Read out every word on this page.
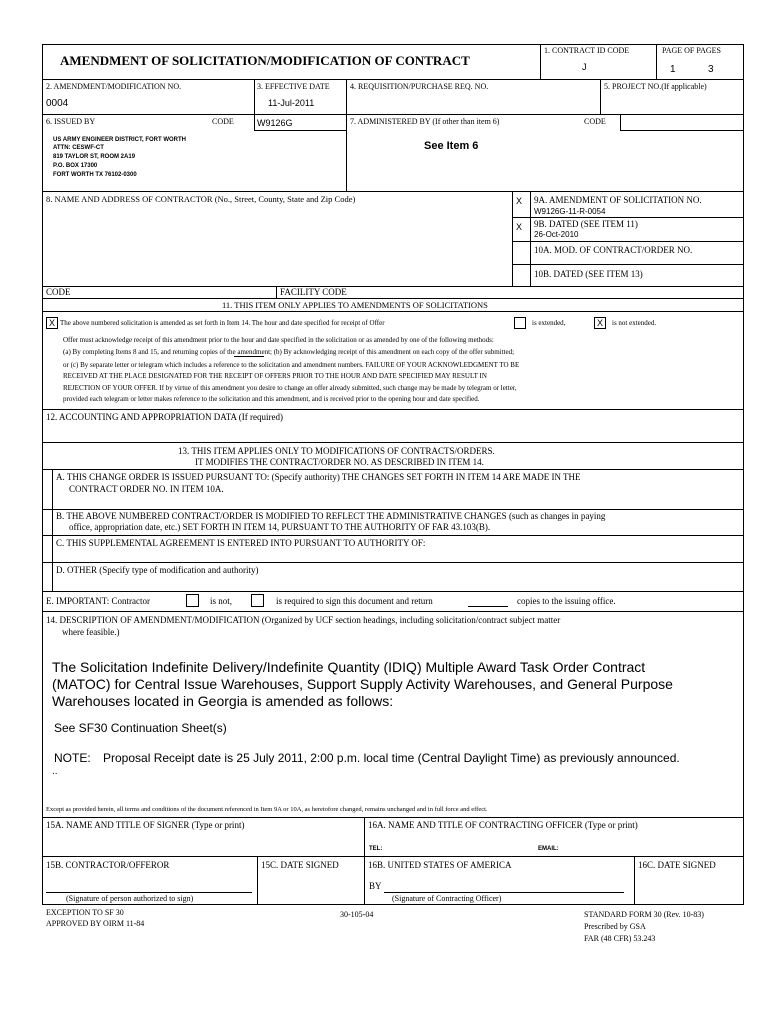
AMENDMENT OF SOLICITATION/MODIFICATION OF CONTRACT
1. CONTRACT ID CODE
J
PAGE OF PAGES
1	3
2. AMENDMENT/MODIFICATION NO.
0004
3. EFFECTIVE DATE
11-Jul-2011
4. REQUISITION/PURCHASE REQ. NO.	5. PROJECT NO.(If applicable)
6. ISSUED BY	CODE	W9126G
US ARMY ENGINEER DISTRICT, FORT WORTH
ATTN: CESWF-CT
819 TAYLOR ST, ROOM 2A19
P.O. BOX 17300
FORT WORTH TX 76102-0300
7. ADMINISTERED BY (If other than item 6)	CODE
See Item 6
8. NAME AND ADDRESS OF CONTRACTOR (No., Street, County, State and Zip Code)	X 9A. AMENDMENT OF SOLICITATION NO.
W9126G-11-R-0054
X 9B. DATED (SEE ITEM 11)
26-Oct-2010
10A. MOD. OF CONTRACT/ORDER NO.
10B. DATED (SEE ITEM 13)
CODE	FACILITY CODE
11. THIS ITEM ONLY APPLIES TO AMENDMENTS OF SOLICITATIONS
X The above numbered solicitation is amended as set forth in Item 14. The hour and date specified for receipt of Offer	is extended,	X	is not extended.
Offer must acknowledge receipt of this amendment prior to the hour and date specified in the solicitation or as amended by one of the following methods:
(a) By completing Items 8 and 15, and returning copies of the amendment; (b) By acknowledging receipt of this amendment on each copy of the offer submitted;
or (c) By separate letter or telegram which includes a reference to the solicitation and amendment numbers. FAILURE OF YOUR ACKNOWLEDGMENT TO BE
RECEIVED AT THE PLACE DESIGNATED FOR THE RECEIPT OF OFFERS PRIOR TO THE HOUR AND DATE SPECIFIED MAY RESULT IN
REJECTION OF YOUR OFFER. If by virtue of this amendment you desire to change an offer already submitted, such change may be made by telegram or letter,
provided each telegram or letter makes reference to the solicitation and this amendment, and is received prior to the opening hour and date specified.
12. ACCOUNTING AND APPROPRIATION DATA (If required)
13. THIS ITEM APPLIES ONLY TO MODIFICATIONS OF CONTRACTS/ORDERS.
IT MODIFIES THE CONTRACT/ORDER NO. AS DESCRIBED IN ITEM 14.
A. THIS CHANGE ORDER IS ISSUED PURSUANT TO: (Specify authority) THE CHANGES SET FORTH IN ITEM 14 ARE MADE IN THE
CONTRACT ORDER NO. IN ITEM 10A.
B. THE ABOVE NUMBERED CONTRACT/ORDER IS MODIFIED TO REFLECT THE ADMINISTRATIVE CHANGES (such as changes in paying
office, appropriation date, etc.) SET FORTH IN ITEM 14, PURSUANT TO THE AUTHORITY OF FAR 43.103(B).
C. THIS SUPPLEMENTAL AGREEMENT IS ENTERED INTO PURSUANT TO AUTHORITY OF:
D. OTHER (Specify type of modification and authority)
E. IMPORTANT: Contractor	is not,	is required to sign this document and return	copies to the issuing office.
14. DESCRIPTION OF AMENDMENT/MODIFICATION (Organized by UCF section headings, including solicitation/contract subject matter
where feasible.)
The Solicitation Indefinite Delivery/Indefinite Quantity (IDIQ) Multiple Award Task Order Contract
(MATOC) for Central Issue Warehouses, Support Supply Activity Warehouses, and General Purpose
Warehouses located in Georgia is amended as follows:
See SF30 Continuation Sheet(s)
NOTE: Proposal Receipt date is 25 July 2011, 2:00 p.m. local time (Central Daylight Time) as previously announced.
..
Except as provided herein, all terms and conditions of the document referenced in Item 9A or 10A, as heretofore changed, remains unchanged and in full force and effect.
15A. NAME AND TITLE OF SIGNER (Type or print)	16A. NAME AND TITLE OF CONTRACTING OFFICER (Type or print)
TEL:	EMAIL:
15B. CONTRACTOR/OFFEROR	15C. DATE SIGNED	16B. UNITED STATES OF AMERICA	16C. DATE SIGNED
BY
(Signature of person authorized to sign)	(Signature of Contracting Officer)
EXCEPTION TO SF 30
APPROVED BY OIRM 11-84
30-105-04	STANDARD FORM 30 (Rev. 10-83)
Prescribed by GSA
FAR (48 CFR) 53.243
